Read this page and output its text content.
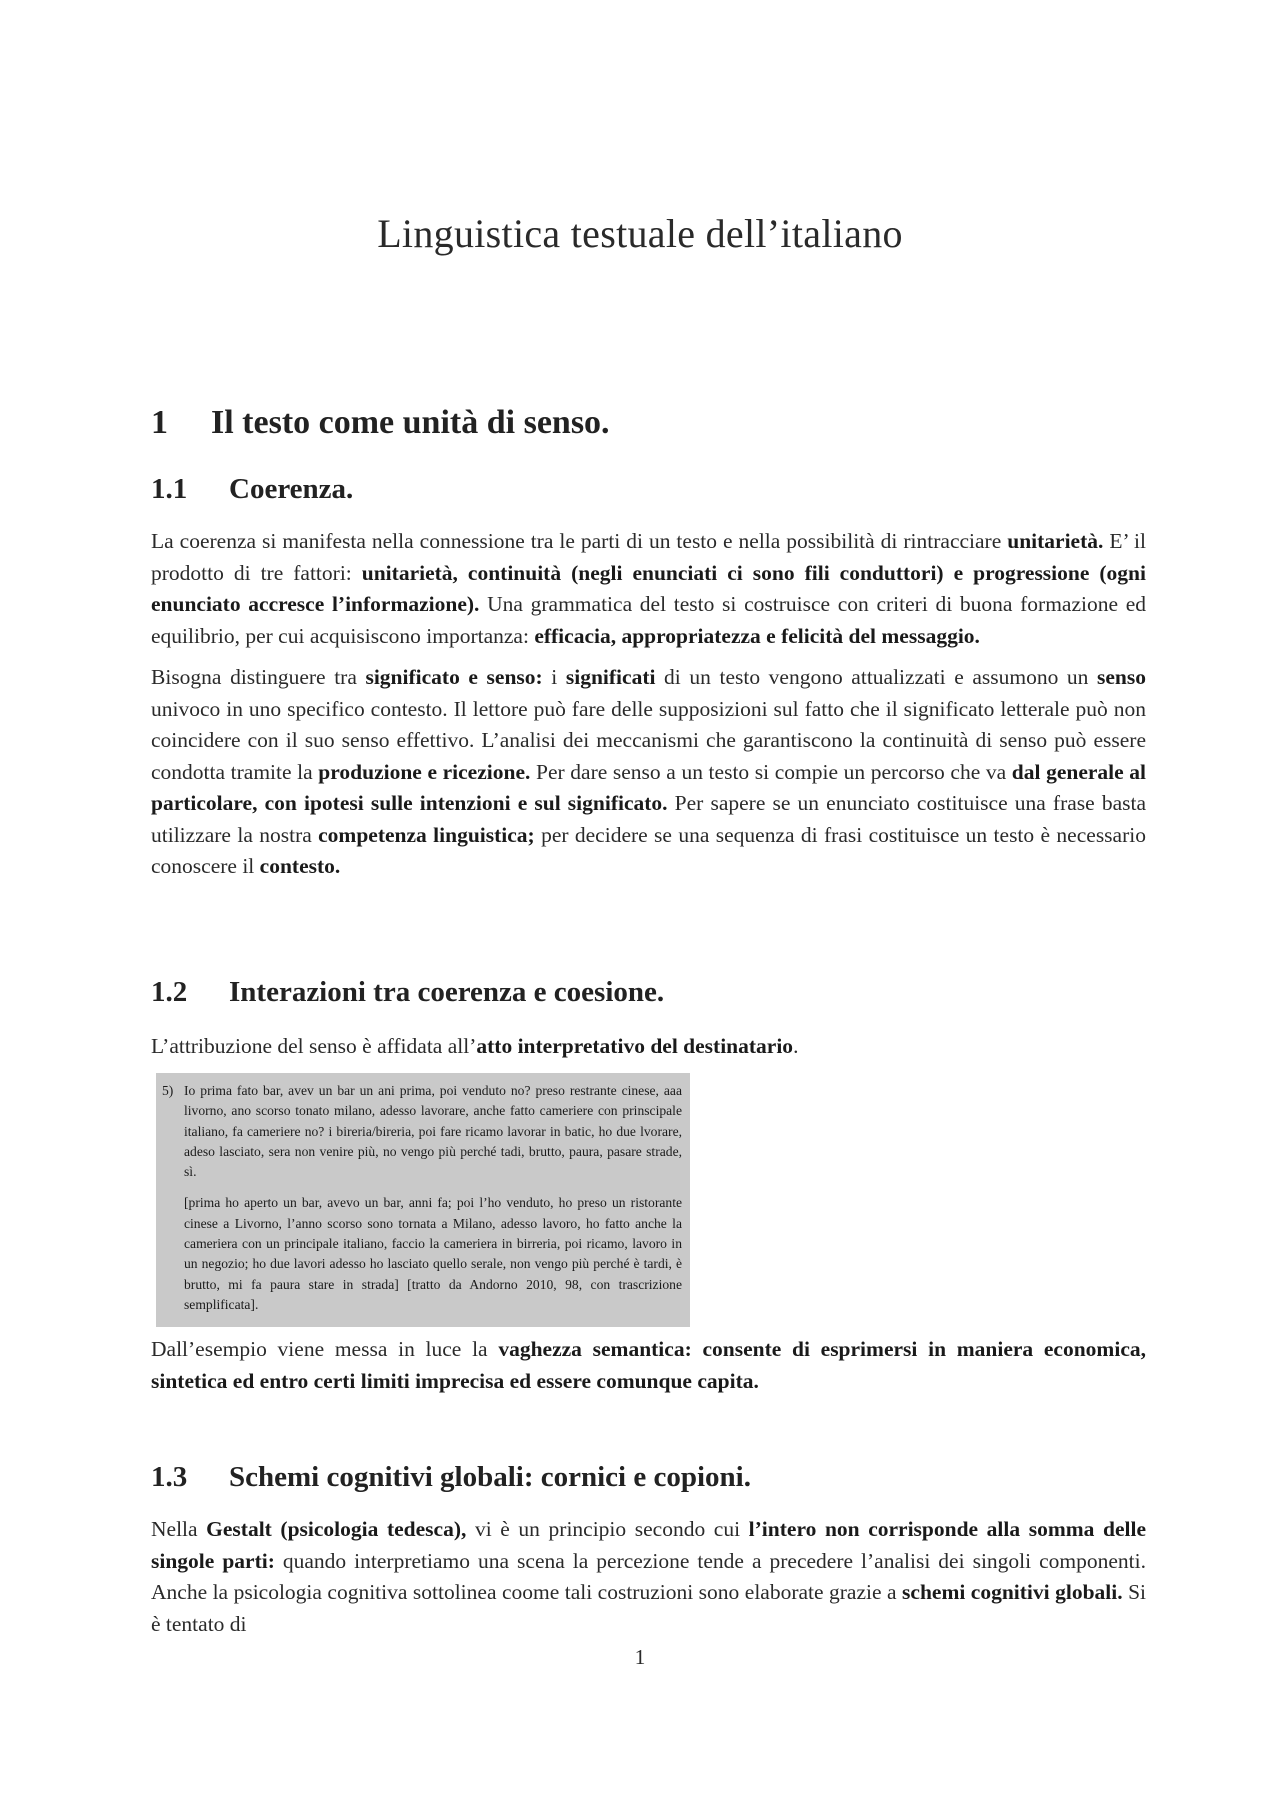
Linguistica testuale dell’italiano
1 Il testo come unità di senso.
1.1 Coerenza.

La coerenza si manifesta nella connessione tra le parti di un testo e nella possibilità di rintracciare unitarietà. E’ il prodotto di tre fattori: unitarietà, continuità (negli enunciati ci sono fili conduttori) e progressione (ogni enunciato accresce l’informazione). Una grammatica del testo si costruisce con criteri di buona formazione ed equilibrio, per cui acquisiscono importanza: efficacia, appropriatezza e felicità del messaggio.

Bisogna distinguere tra significato e senso: i significati di un testo vengono attualizzati e assumono un senso univoco in uno specifico contesto. Il lettore può fare delle supposizioni sul fatto che il significato letterale può non coincidere con il suo senso effettivo. L’analisi dei meccanismi che garantiscono la continuità di senso può essere condotta tramite la produzione e ricezione. Per dare senso a un testo si compie un percorso che va dal generale al particolare, con ipotesi sulle intenzioni e sul significato. Per sapere se un enunciato costituisce una frase basta utilizzare la nostra competenza linguistica; per decidere se una sequenza di frasi costituisce un testo è necessario conoscere il contesto.

1.2 Interazioni tra coerenza e coesione.

L’attribuzione del senso è affidata all’atto interpretativo del destinatario.

5) Io prima fato bar, avev un bar un ani prima, poi venduto no? preso restrante cinese, aaa livorno, ano scorso tonato milano, adesso lavorare, anche fatto cameriere con prinscipale italiano, fa cameriere no? i bireria/bireria, poi fare ricamo lavorar in batic, ho due lvorare, adeso lasciato, sera non venire più, no vengo più perché tadi, brutto, paura, pasare strade, sì.
[prima ho aperto un bar, avevo un bar, anni fa; poi l’ho venduto, ho preso un ristorante cinese a Livorno, l’anno scorso sono tornata a Milano, adesso lavoro, ho fatto anche la cameriera con un principale italiano, faccio la cameriera in birreria, poi ricamo, lavoro in un negozio; ho due lavori adesso ho lasciato quello serale, non vengo più perché è tardi, è brutto, mi fa paura stare in strada] [tratto da Andorno 2010, 98, con trascrizione semplificata].

Dall’esempio viene messa in luce la vaghezza semantica: consente di esprimersi in maniera economica, sintetica ed entro certi limiti imprecisa ed essere comunque capita.

1.3 Schemi cognitivi globali: cornici e copioni.

Nella Gestalt (psicologia tedesca), vi è un principio secondo cui l’intero non corrisponde alla somma delle singole parti: quando interpretiamo una scena la percezione tende a precedere l’analisi dei singoli componenti. Anche la psicologia cognitiva sottolinea coome tali costruzioni sono elaborate grazie a schemi cognitivi globali. Si è tentato di

1
